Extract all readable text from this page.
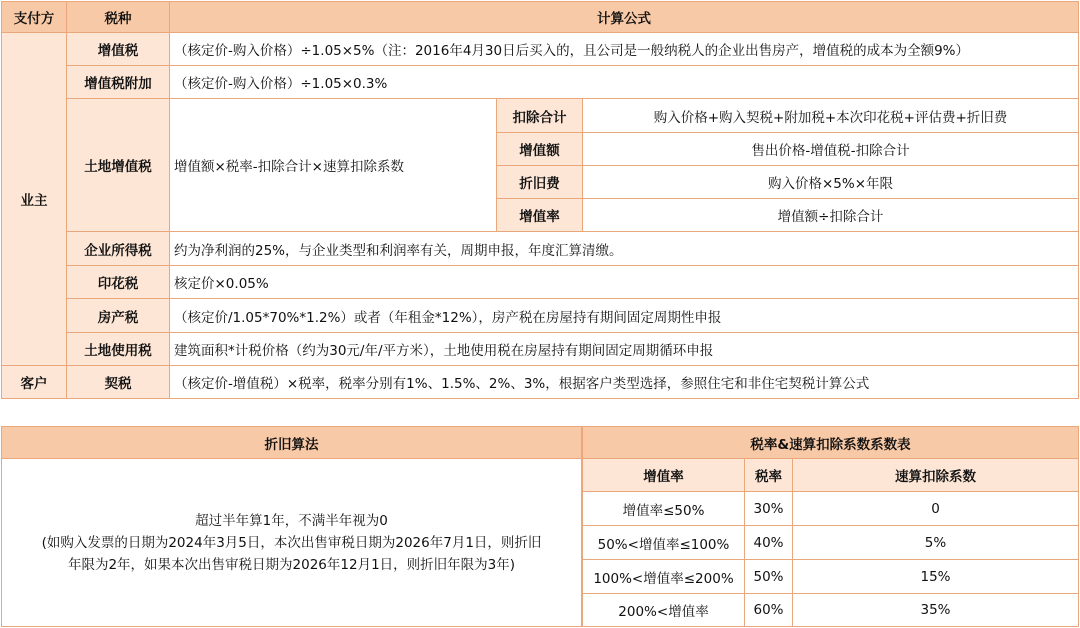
支付方	税种	计算公式		
业主	增值税	（核定价-购入价格）÷1.05×5%（注：2016年4月30日后买入的，且公司是一般纳税人的企业出售房产，增值税的成本为全额9%）		
	增值税附加	（核定价-购入价格）÷1.05×0.3%		
	土地增值税	增值额×税率-扣除合计×速算扣除系数	扣除合计	购入价格+购入契税+附加税+本次印花税+评估费+折旧费
			增值额	售出价格-增值税-扣除合计
			折旧费	购入价格×5%×年限
			增值率	增值额÷扣除合计
	企业所得税	约为净利润的25%，与企业类型和利润率有关，周期申报，年度汇算清缴。		
	印花税	核定价×0.05%		
	房产税	（核定价/1.05*70%*1.2%）或者（年租金*12%），房产税在房屋持有期间固定周期性申报		
	土地使用税	建筑面积*计税价格（约为30元/年/平方米），土地使用税在房屋持有期间固定周期循环申报		
客户	契税	（核定价-增值税）×税率，税率分别有1%、1.5%、2%、3%，根据客户类型选择，参照住宅和非住宅契税计算公式		
折旧算法

超过半年算1年，不满半年视为0
(如购入发票的日期为2024年3月5日，本次出售审税日期为2026年7月1日，则折旧
年限为2年，如果本次出售审税日期为2026年12月1日，则折旧年限为3年)
税率&速算扣除系数系数表		
增值率	税率	速算扣除系数
增值率≤50%	30%	0
50%<增值率≤100%	40%	5%
100%<增值率≤200%	50%	15%
200%<增值率	60%	35%
